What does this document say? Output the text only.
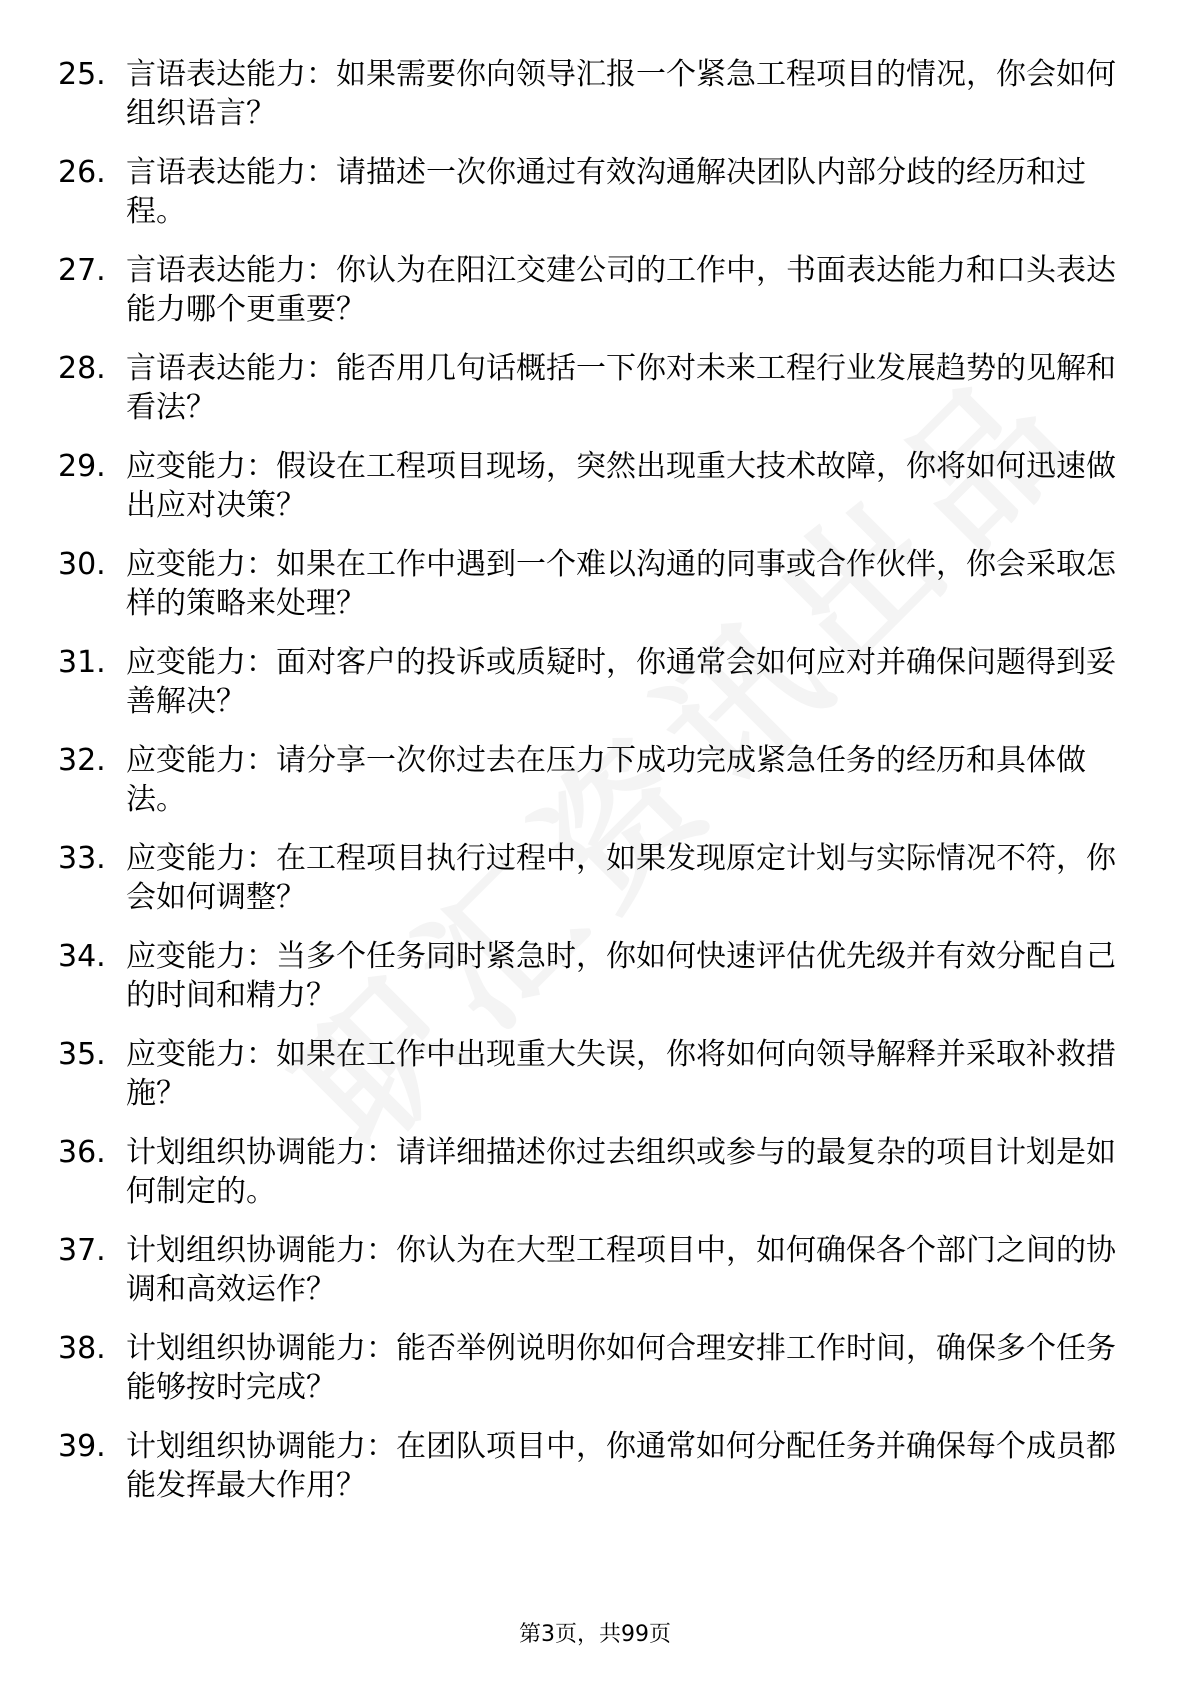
25. 言语表达能力：如果需要你向领导汇报一个紧急工程项目的情况，你会如何组织语言？
26. 言语表达能力：请描述一次你通过有效沟通解决团队内部分歧的经历和过程。
27. 言语表达能力：你认为在阳江交建公司的工作中，书面表达能力和口头表达能力哪个更重要？
28. 言语表达能力：能否用几句话概括一下你对未来工程行业发展趋势的见解和看法？
29. 应变能力：假设在工程项目现场，突然出现重大技术故障，你将如何迅速做出应对决策？
30. 应变能力：如果在工作中遇到一个难以沟通的同事或合作伙伴，你会采取怎样的策略来处理？
31. 应变能力：面对客户的投诉或质疑时，你通常会如何应对并确保问题得到妥善解决？
32. 应变能力：请分享一次你过去在压力下成功完成紧急任务的经历和具体做法。
33. 应变能力：在工程项目执行过程中，如果发现原定计划与实际情况不符，你会如何调整？
34. 应变能力：当多个任务同时紧急时，你如何快速评估优先级并有效分配自己的时间和精力？
35. 应变能力：如果在工作中出现重大失误，你将如何向领导解释并采取补救措施？
36. 计划组织协调能力：请详细描述你过去组织或参与的最复杂的项目计划是如何制定的。
37. 计划组织协调能力：你认为在大型工程项目中，如何确保各个部门之间的协调和高效运作？
38. 计划组织协调能力：能否举例说明你如何合理安排工作时间，确保多个任务能够按时完成？
39. 计划组织协调能力：在团队项目中，你通常如何分配任务并确保每个成员都能发挥最大作用？
第3页，共99页
